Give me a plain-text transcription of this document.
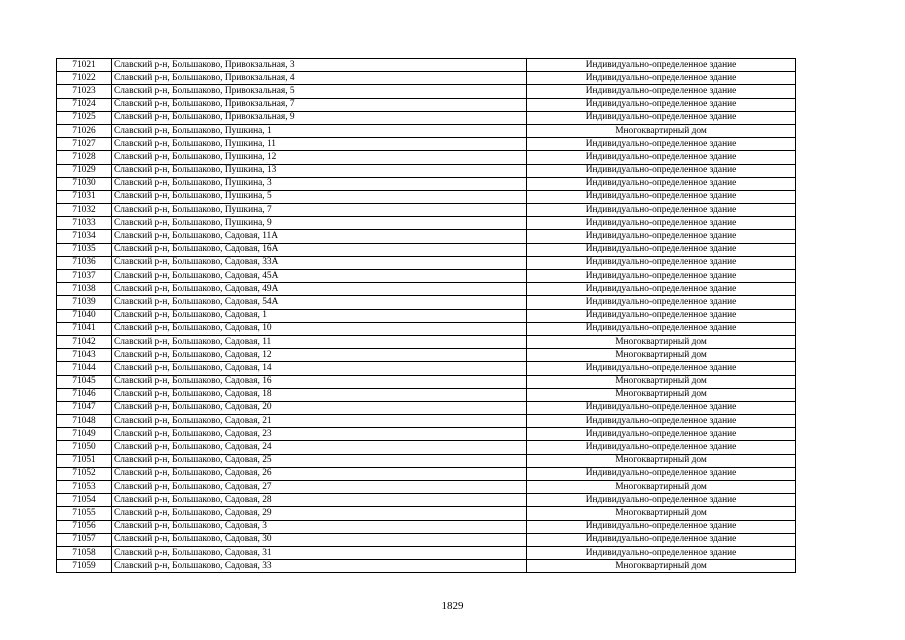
71021	Славский р-н, Большаково, Привокзальная, 3	Индивидуально-определенное здание
71022	Славский р-н, Большаково, Привокзальная, 4	Индивидуально-определенное здание
71023	Славский р-н, Большаково, Привокзальная, 5	Индивидуально-определенное здание
71024	Славский р-н, Большаково, Привокзальная, 7	Индивидуально-определенное здание
71025	Славский р-н, Большаково, Привокзальная, 9	Индивидуально-определенное здание
71026	Славский р-н, Большаково, Пушкина, 1	Многоквартирный дом
71027	Славский р-н, Большаково, Пушкина, 11	Индивидуально-определенное здание
71028	Славский р-н, Большаково, Пушкина, 12	Индивидуально-определенное здание
71029	Славский р-н, Большаково, Пушкина, 13	Индивидуально-определенное здание
71030	Славский р-н, Большаково, Пушкина, 3	Индивидуально-определенное здание
71031	Славский р-н, Большаково, Пушкина, 5	Индивидуально-определенное здание
71032	Славский р-н, Большаково, Пушкина, 7	Индивидуально-определенное здание
71033	Славский р-н, Большаково, Пушкина, 9	Индивидуально-определенное здание
71034	Славский р-н, Большаково, Садовая, 11А	Индивидуально-определенное здание
71035	Славский р-н, Большаково, Садовая, 16А	Индивидуально-определенное здание
71036	Славский р-н, Большаково, Садовая, 33А	Индивидуально-определенное здание
71037	Славский р-н, Большаково, Садовая, 45А	Индивидуально-определенное здание
71038	Славский р-н, Большаково, Садовая, 49А	Индивидуально-определенное здание
71039	Славский р-н, Большаково, Садовая, 54А	Индивидуально-определенное здание
71040	Славский р-н, Большаково, Садовая, 1	Индивидуально-определенное здание
71041	Славский р-н, Большаково, Садовая, 10	Индивидуально-определенное здание
71042	Славский р-н, Большаково, Садовая, 11	Многоквартирный дом
71043	Славский р-н, Большаково, Садовая, 12	Многоквартирный дом
71044	Славский р-н, Большаково, Садовая, 14	Индивидуально-определенное здание
71045	Славский р-н, Большаково, Садовая, 16	Многоквартирный дом
71046	Славский р-н, Большаково, Садовая, 18	Многоквартирный дом
71047	Славский р-н, Большаково, Садовая, 20	Индивидуально-определенное здание
71048	Славский р-н, Большаково, Садовая, 21	Индивидуально-определенное здание
71049	Славский р-н, Большаково, Садовая, 23	Индивидуально-определенное здание
71050	Славский р-н, Большаково, Садовая, 24	Индивидуально-определенное здание
71051	Славский р-н, Большаково, Садовая, 25	Многоквартирный дом
71052	Славский р-н, Большаково, Садовая, 26	Индивидуально-определенное здание
71053	Славский р-н, Большаково, Садовая, 27	Многоквартирный дом
71054	Славский р-н, Большаково, Садовая, 28	Индивидуально-определенное здание
71055	Славский р-н, Большаково, Садовая, 29	Многоквартирный дом
71056	Славский р-н, Большаково, Садовая, 3	Индивидуально-определенное здание
71057	Славский р-н, Большаково, Садовая, 30	Индивидуально-определенное здание
71058	Славский р-н, Большаково, Садовая, 31	Индивидуально-определенное здание
71059	Славский р-н, Большаково, Садовая, 33	Многоквартирный дом
1829
